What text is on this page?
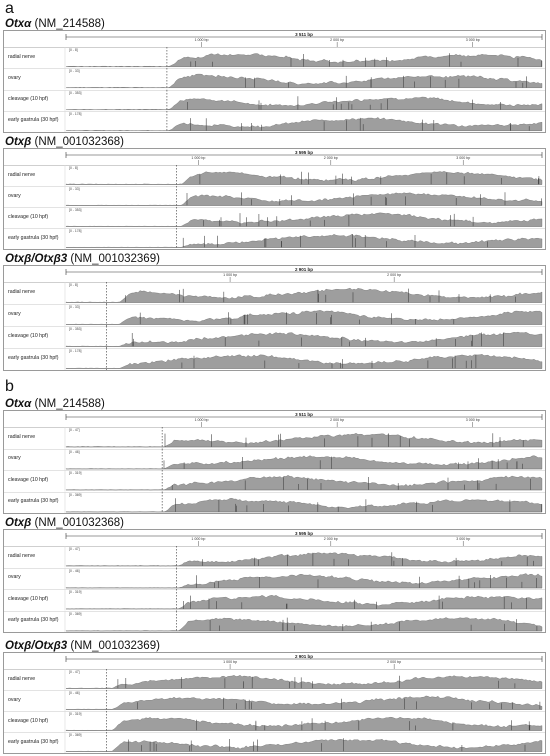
a
Otxα (NM_214588)
3 511 bp
1 000 bp	2 000 bp	3 000 bp
radial nerve
[0 - 8]
ovary
[0 - 33]
cleavage (10 hpf)
[0 - 353]
early gastrula (30 hpf)
[0 - 178]
Otxβ (NM_001032368)
3 595 bp
1 000 bp	2 000 bp	3 000 bp
radial nerve
[0 - 8]
ovary
[0 - 33]
cleavage (10 hpf)
[0 - 353]
early gastrula (30 hpf)
[0 - 178]
Otxβ/Otxβ3 (NM_001032369)
2 901 bp
1 000 bp	2 000 bp
radial nerve
[0 - 8]
ovary
[0 - 33]
cleavage (10 hpf)
[0 - 353]
early gastrula (30 hpf)
[0 - 178]
b
Otxα (NM_214588)
3 511 bp
1 000 bp	2 000 bp	3 000 bp
radial nerve
[0 - 47]
ovary
[0 - 46]
cleavage (10 hpf)
[0 - 319]
early gastrula (30 hpf)
[0 - 369]
Otxβ (NM_001032368)
3 595 bp
1 000 bp	2 000 bp	3 000 bp
radial nerve
[0 - 47]
ovary
[0 - 46]
cleavage (10 hpf)
[0 - 319]
early gastrula (30 hpf)
[0 - 369]
Otxβ/Otxβ3 (NM_001032369)
2 901 bp
1 000 bp	2 000 bp
radial nerve
[0 - 47]
ovary
[0 - 46]
cleavage (10 hpf)
[0 - 319]
early gastrula (30 hpf)
[0 - 369]
